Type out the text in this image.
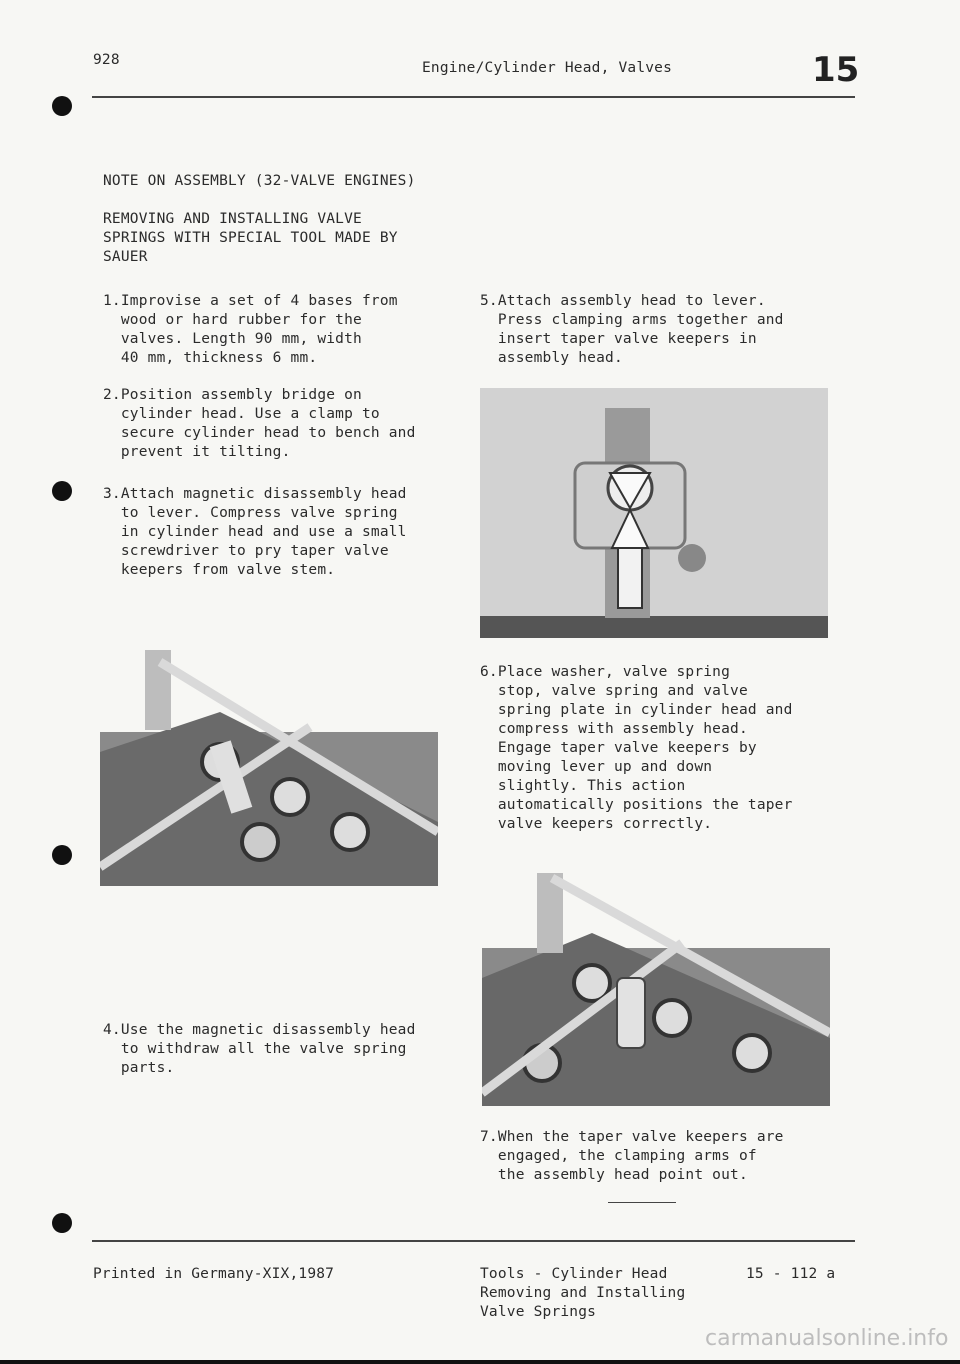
928	Engine/Cylinder Head, Valves	15
NOTE ON ASSEMBLY (32-VALVE ENGINES)
REMOVING AND INSTALLING VALVE
SPRINGS WITH SPECIAL TOOL MADE BY
SAUER
1.Improvise a set of 4 bases from
wood or hard rubber for the
valves. Length 90 mm, width
40 mm, thickness 6 mm.
2.Position assembly bridge on
cylinder head. Use a clamp to
secure cylinder head to bench and
prevent it tilting.
3.Attach magnetic disassembly head
to lever. Compress valve spring
in cylinder head and use a small
screwdriver to pry taper valve
keepers from valve stem.
4.Use the magnetic disassembly head
to withdraw all the valve spring
parts.
5.Attach assembly head to lever.
Press clamping arms together and
insert taper valve keepers in
assembly head.
6.Place washer, valve spring
stop, valve spring and valve
spring plate in cylinder head and
compress with assembly head.
Engage taper valve keepers by
moving lever up and down
slightly. This action
automatically positions the taper
valve keepers correctly.
7.When the taper valve keepers are
engaged, the clamping arms of
the assembly head point out.
Printed in Germany-XIX,1987	Tools - Cylinder Head
Removing and Installing
Valve Springs
15 - 112 a
carmanualsonline.info
